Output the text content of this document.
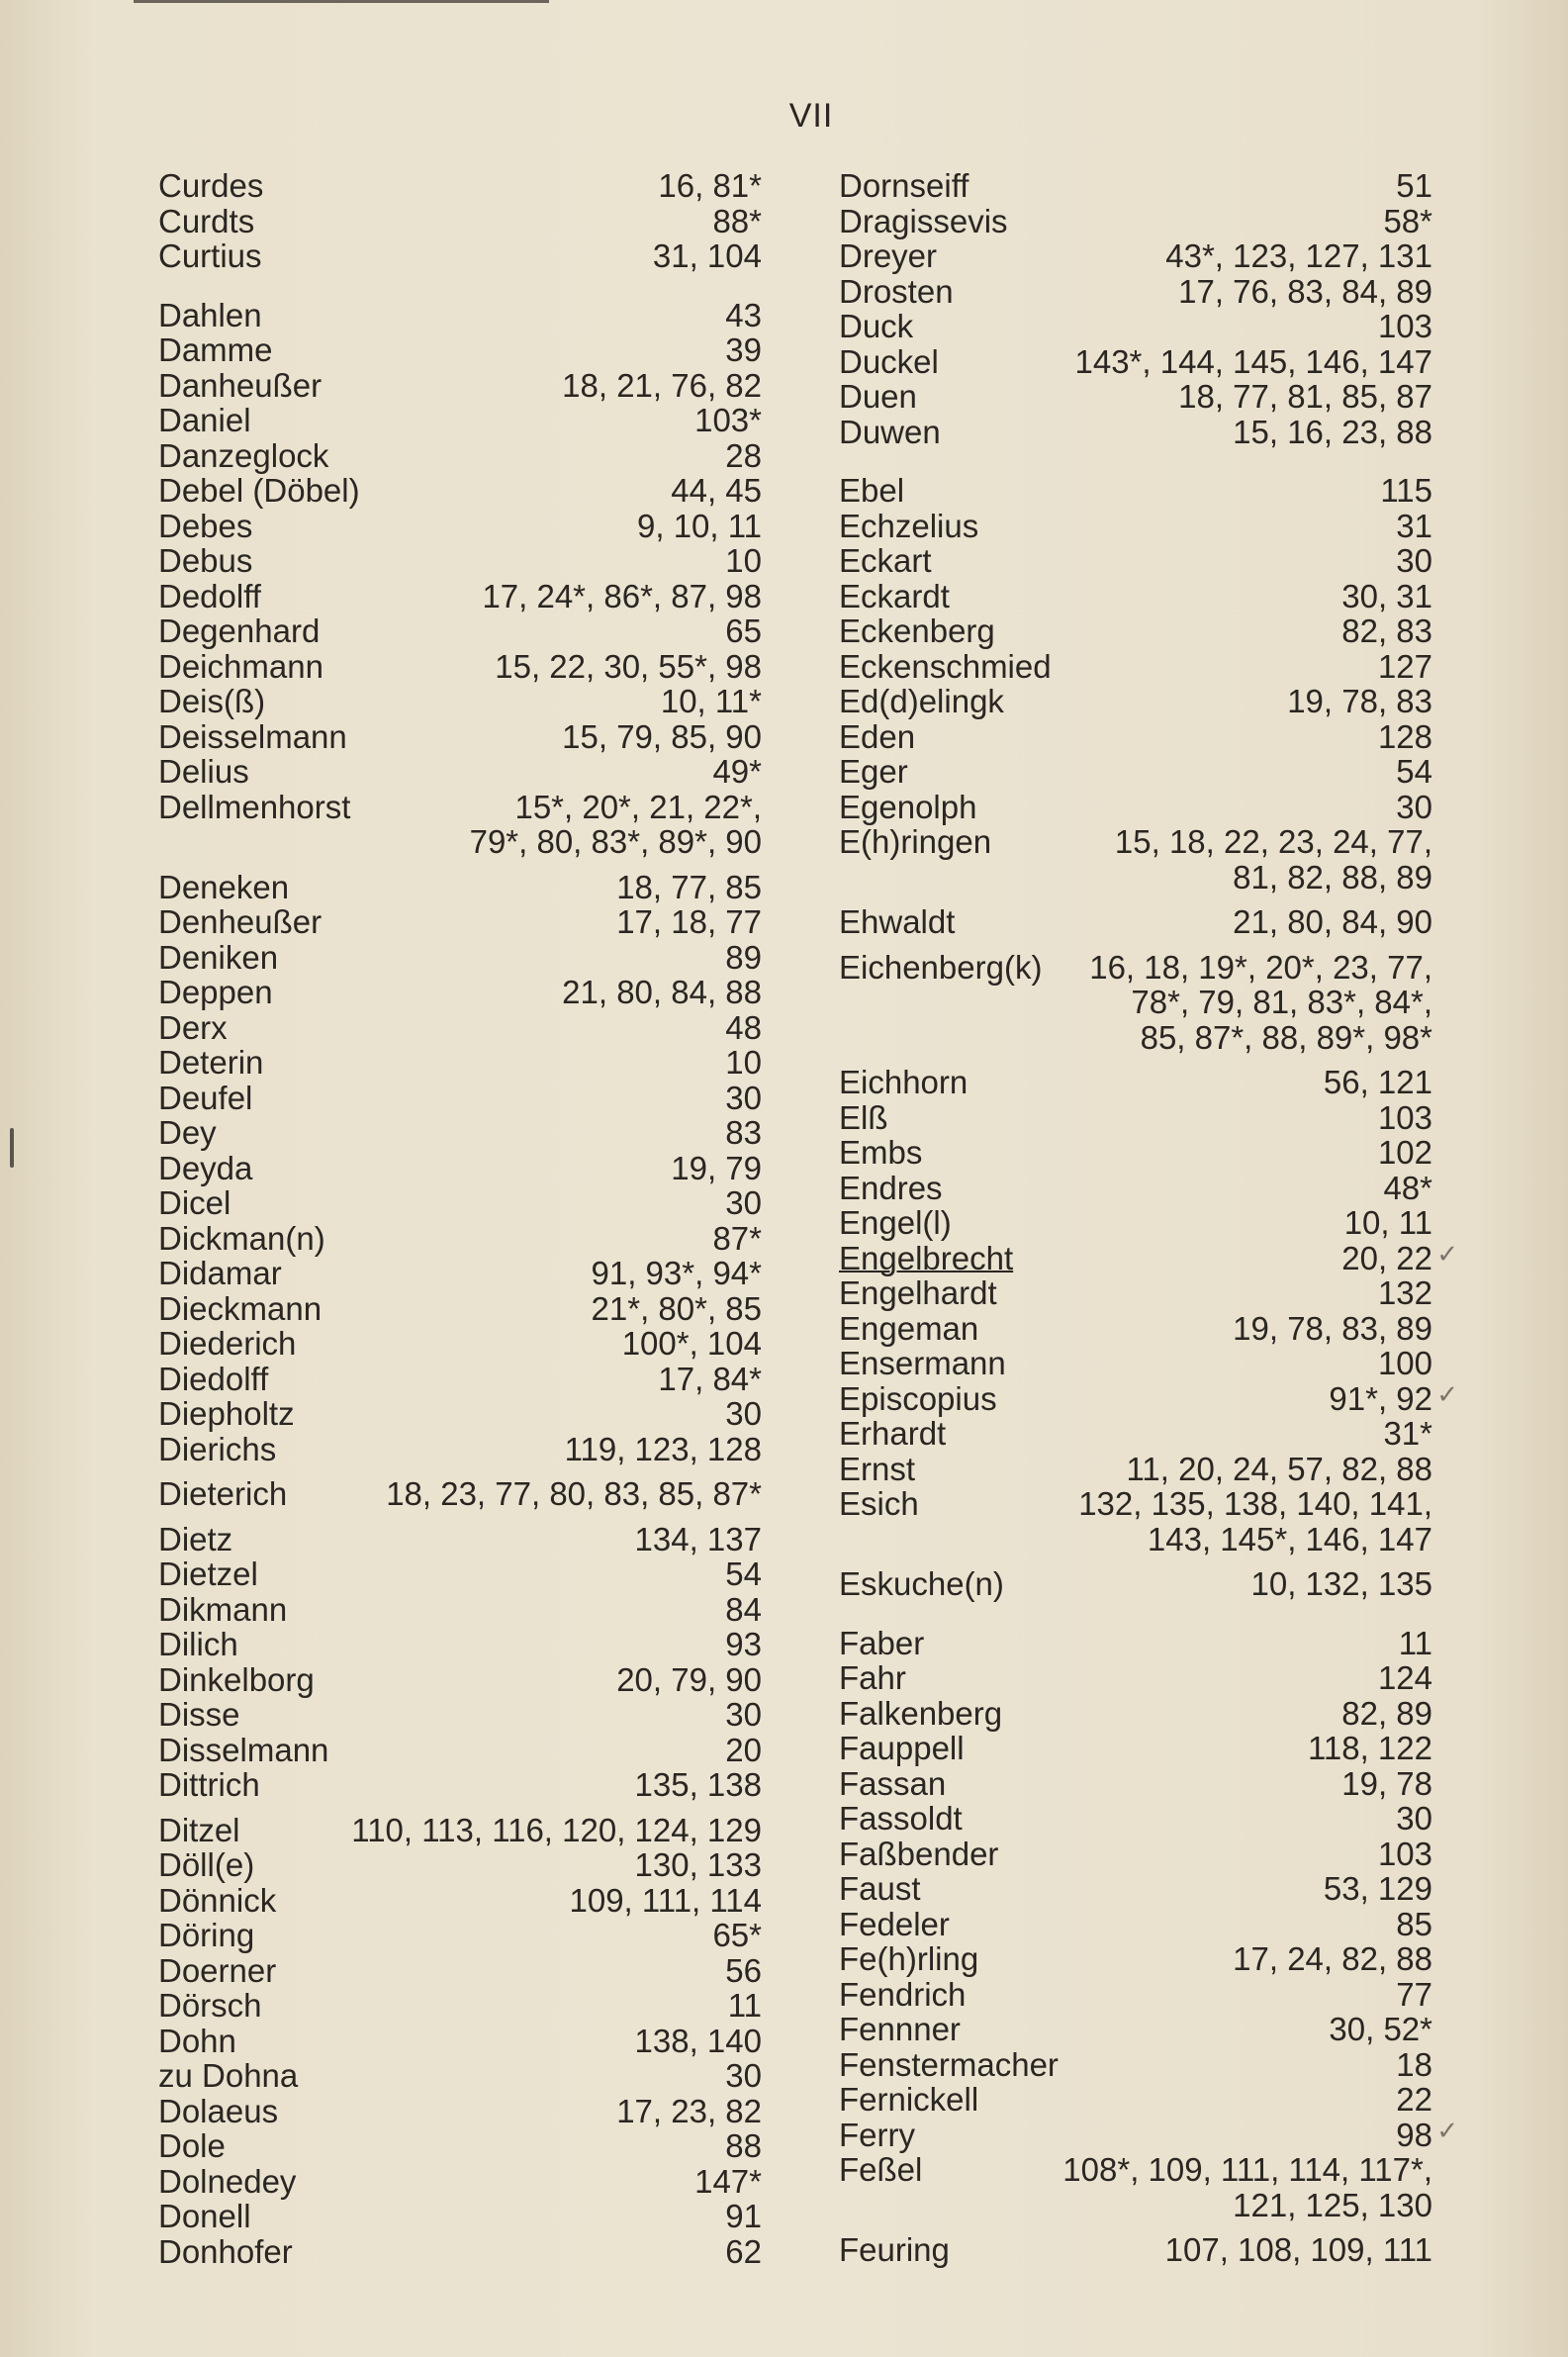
VII
Curdes	16, 81*
Curdts	88*
Curtius	31, 104
Dahlen	43
Damme	39
Danheußer	18, 21, 76, 82
Daniel	103*
Danzeglock	28
Debel (Döbel)	44, 45
Debes	9, 10, 11
Debus	10
Dedolff	17, 24*, 86*, 87, 98
Degenhard	65
Deichmann	15, 22, 30, 55*, 98
Deis(ß)	10, 11*
Deisselmann	15, 79, 85, 90
Delius	49*
Dellmenhorst	15*, 20*, 21, 22*,
79*, 80, 83*, 89*, 90
Deneken	18, 77, 85
Denheußer	17, 18, 77
Deniken	89
Deppen	21, 80, 84, 88
Derx	48
Deterin	10
Deufel	30
Dey	83
Deyda	19, 79
Dicel	30
Dickman(n)	87*
Didamar	91, 93*, 94*
Dieckmann	21*, 80*, 85
Diederich	100*, 104
Diedolff	17, 84*
Diepholtz	30
Dierichs	119, 123, 128
Dieterich	18, 23, 77, 80, 83, 85, 87*
Dietz	134, 137
Dietzel	54
Dikmann	84
Dilich	93
Dinkelborg	20, 79, 90
Disse	30
Disselmann	20
Dittrich	135, 138
Ditzel	110, 113, 116, 120, 124, 129
Döll(e)	130, 133
Dönnick	109, 111, 114
Döring	65*
Doerner	56
Dörsch	11
Dohn	138, 140
zu Dohna	30
Dolaeus	17, 23, 82
Dole	88
Dolnedey	147*
Donell	91
Donhofer	62
Dornseiff	51
Dragissevis	58*
Dreyer	43*, 123, 127, 131
Drosten	17, 76, 83, 84, 89
Duck	103
Duckel	143*, 144, 145, 146, 147
Duen	18, 77, 81, 85, 87
Duwen	15, 16, 23, 88
Ebel	115
Echzelius	31
Eckart	30
Eckardt	30, 31
Eckenberg	82, 83
Eckenschmied	127
Ed(d)elingk	19, 78, 83
Eden	128
Eger	54
Egenolph	30
E(h)ringen	15, 18, 22, 23, 24, 77,
81, 82, 88, 89
Ehwaldt	21, 80, 84, 90
Eichenberg(k)	16, 18, 19*, 20*, 23, 77,
78*, 79, 81, 83*, 84*,
85, 87*, 88, 89*, 98*
Eichhorn	56, 121
Elß	103
Embs	102
Endres	48*
Engel(l)	10, 11
Engelbrecht	20, 22 ✓
Engelhardt	132
Engeman	19, 78, 83, 89
Ensermann	100
Episcopius	91*, 92 ✓
Erhardt	31*
Ernst	11, 20, 24, 57, 82, 88
Esich	132, 135, 138, 140, 141,
143, 145*, 146, 147
Eskuche(n)	10, 132, 135
Faber	11
Fahr	124
Falkenberg	82, 89
Fauppell	118, 122
Fassan	19, 78
Fassoldt	30
Faßbender	103
Faust	53, 129
Fedeler	85
Fe(h)rling	17, 24, 82, 88
Fendrich	77
Fennner	30, 52*
Fenstermacher	18
Fernickell	22
Ferry	98 ✓
Feßel	108*, 109, 111, 114, 117*,
121, 125, 130
Feuring	107, 108, 109, 111
